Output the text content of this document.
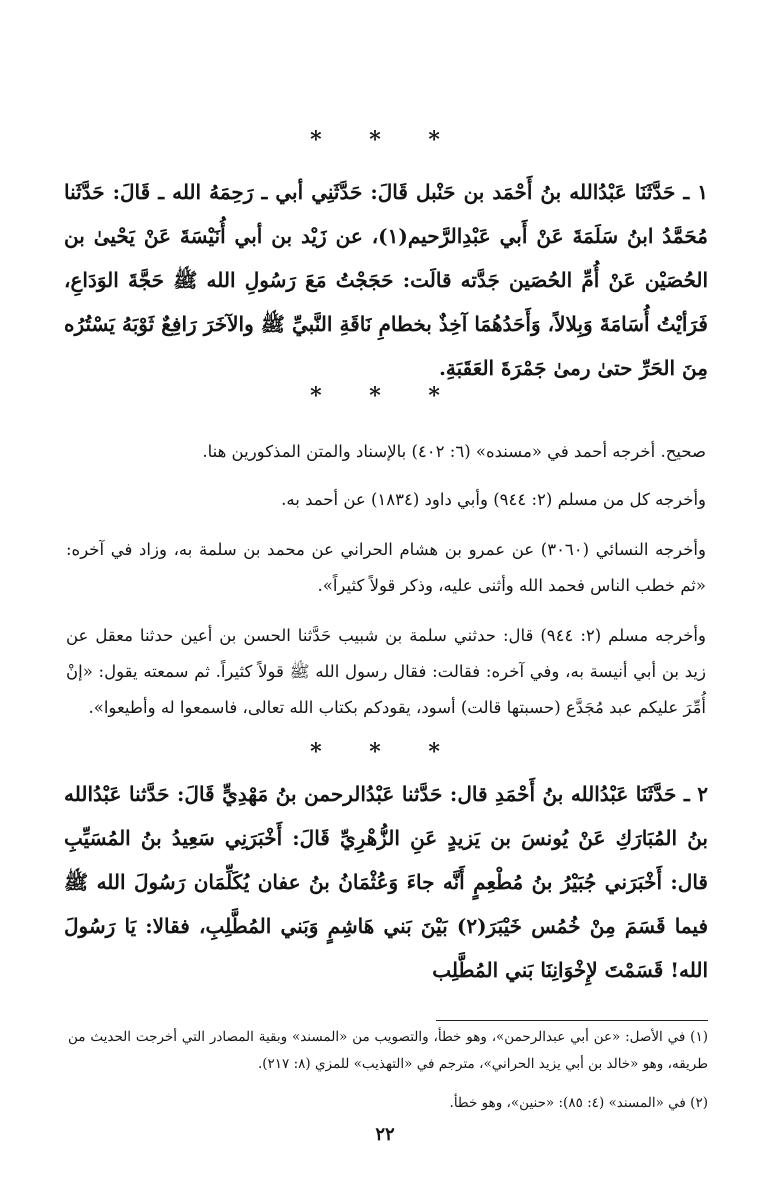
* * *

١ ـ حَدَّثَنَا عَبْدُالله بنُ أَحْمَد بن حَنْبل قَالَ: حَدَّثَنِي أبي ـ رَحِمَهُ الله ـ قَالَ: حَدَّثَنا مُحَمَّدُ ابنُ سَلَمَةَ عَنْ أَبي عَبْدِالرَّحيم(١)، عن زَيْد بن أبي أُنَيْسَةَ عَنْ يَحْيىٰ بن الحُصَيْن عَنْ أُمِّ الحُصَين جَدَّته قالَت: حَجَجْتُ مَعَ رَسُولِ الله ﷺ حَجَّةَ الوَدَاعِ، فَرَأيْتُ أُسَامَةَ وَبِلالاً، وَأَحَدُهُمَا آخِذٌ بخطامِ نَاقَةِ النَّبيِّ ﷺ والآخَرَ رَافِعٌ ثَوْبَهُ يَسْتُرُه مِنَ الحَرِّ حتىٰ رمىٰ جَمْرَةَ العَقَبَةِ.

* * *

صحيح. أخرجه أحمد في «مسنده» (٦: ٤٠٢) بالإسناد والمتن المذكورين هنا.

وأخرجه كل من مسلم (٢: ٩٤٤) وأبي داود (١٨٣٤) عن أحمد به.

وأخرجه النسائي (٣٠٦٠) عن عمرو بن هشام الحراني عن محمد بن سلمة به، وزاد في آخره: «ثم خطب الناس فحمد الله وأثنى عليه، وذكر قولاً كثيراً».

وأخرجه مسلم (٢: ٩٤٤) قال: حدثني سلمة بن شبيب حَدَّثنا الحسن بن أعين حدثنا معقل عن زيد بن أبي أنيسة به، وفي آخره: فقالت: فقال رسول الله ﷺ قولاً كثيراً. ثم سمعته يقول: «إنْ أُمِّرَ عليكم عبد مُجَدَّع (حسبتها قالت) أسود، يقودكم بكتاب الله تعالى، فاسمعوا له وأطيعوا».

* * *

٢ ـ حَدَّثَنَا عَبْدُالله بنُ أَحْمَدِ قال: حَدَّثنا عَبْدُالرحمن بنُ مَهْدِيٍّ قَالَ: حَدَّثنا عَبْدُالله بنُ المُبَارَكِ عَنْ يُونسَ بن يَزيدٍ عَنِ الزُّهْرِيِّ قَالَ: أَخْبَرَنِي سَعِيدُ بنُ المُسَيِّبِ قال: أَخْبَرَني جُبَيْرُ بنُ مُطْعِمٍ أَنَّه جاءَ وَعُثْمَانُ بنُ عفان يُكَلِّمَان رَسُولَ الله ﷺ فيما قَسَمَ مِنْ خُمُس خَيْبَرَ(٢) بَيْنَ بَني هَاشِمٍ وَبَني المُطَّلِبِ، فقالا: يَا رَسُولَ الله! قَسَمْتَ لإِخْوَانِنَا بَني المُطَّلِب

(١) في الأصل: «عن أبي عبدالرحمن»، وهو خطأ، والتصويب من «المسند» وبقية المصادر التي أخرجت الحديث من طريقه، وهو «خالد بن أبي يزيد الحراني»، مترجم في «التهذيب» للمزي (٨: ٢١٧).

(٢) في «المسند» (٤: ٨٥): «حنين»، وهو خطأ.

٢٢
